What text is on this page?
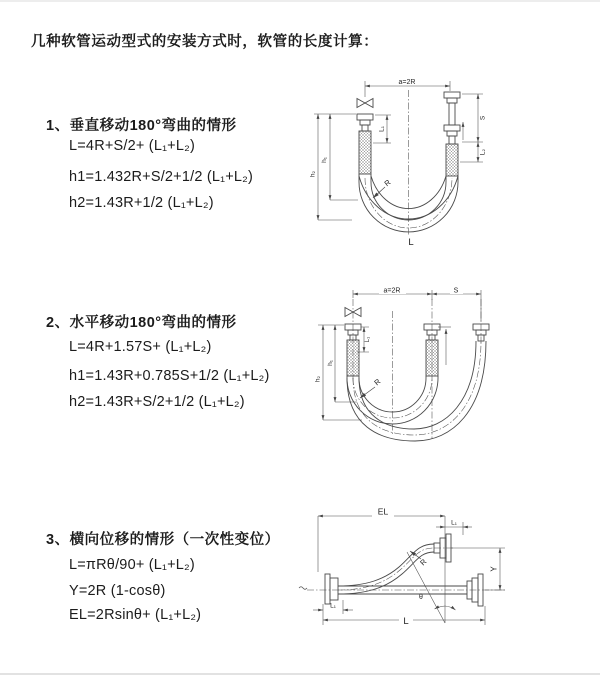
几种软管运动型式的安装方式时，软管的长度计算：
1、垂直移动180°弯曲的情形
L=4R+S/2+ (L₁+L₂)
h1=1.432R+S/2+1/2 (L₁+L₂)
h2=1.43R+1/2 (L₁+L₂)
2、水平移动180°弯曲的情形
L=4R+1.57S+ (L₁+L₂)
h1=1.43R+0.785S+1/2 (L₁+L₂)
h2=1.43R+S/2+1/2 (L₁+L₂)
3、横向位移的情形（一次性变位）
L=πRθ/90+ (L₁+L₂)
Y=2R (1-cosθ)
EL=2Rsinθ+ (L₁+L₂)
a=2R
h₁
h₂
L₁
S
L₂
R
L
a=2R	S
h₁
h₂
L₁
R
EL
L₁
Y
R
θ
L
L₁
